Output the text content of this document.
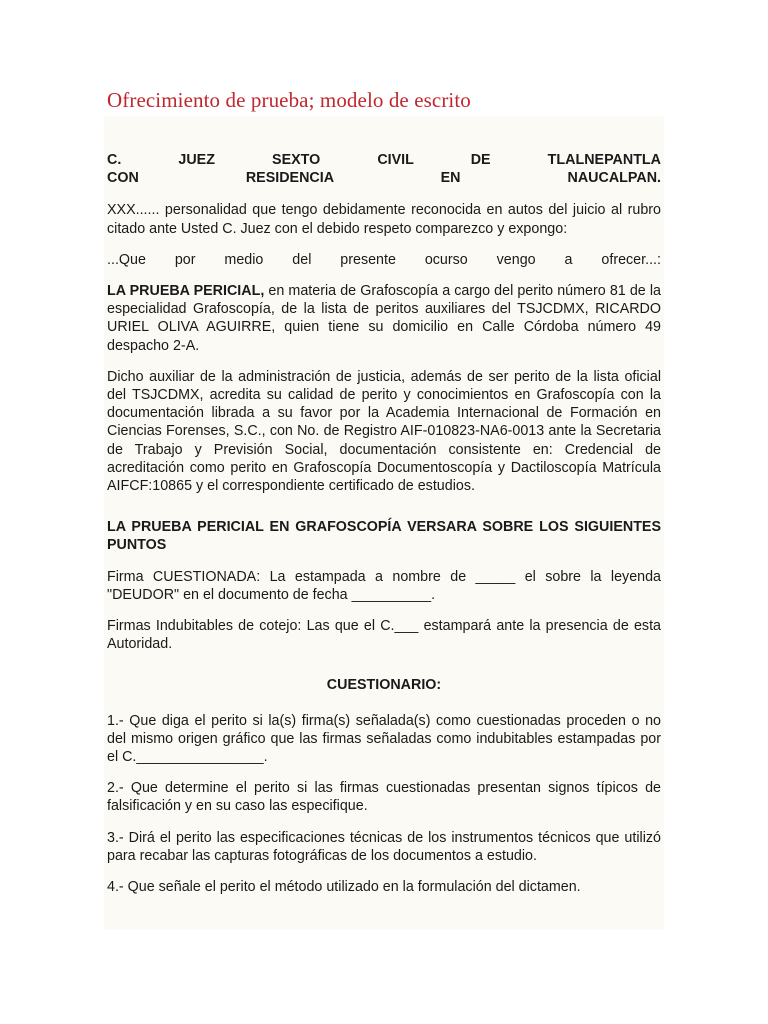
Ofrecimiento de prueba; modelo de escrito

C. JUEZ SEXTO CIVIL DE TLALNEPANTLA
CON RESIDENCIA EN NAUCALPAN.

XXX...... personalidad que tengo debidamente reconocida en autos del juicio al rubro citado ante Usted C. Juez con el debido respeto comparezco y expongo:

...Que por medio del presente ocurso vengo a ofrecer...:

LA PRUEBA PERICIAL, en materia de Grafoscopía a cargo del perito número 81 de la especialidad Grafoscopía, de la lista de peritos auxiliares del TSJCDMX, RICARDO URIEL OLIVA AGUIRRE, quien tiene su domicilio en Calle Córdoba número 49 despacho 2-A.

Dicho auxiliar de la administración de justicia, además de ser perito de la lista oficial del TSJCDMX, acredita su calidad de perito y conocimientos en Grafoscopía con la documentación librada a su favor por la Academia Internacional de Formación en Ciencias Forenses, S.C., con No. de Registro AIF-010823-NA6-0013 ante la Secretaria de Trabajo y Previsión Social, documentación consistente en: Credencial de acreditación como perito en Grafoscopía Documentoscopía y Dactiloscopía Matrícula AIFCF:10865 y el correspondiente certificado de estudios.

LA PRUEBA PERICIAL EN GRAFOSCOPÍA VERSARA SOBRE LOS SIGUIENTES PUNTOS

Firma CUESTIONADA: La estampada a nombre de _____ el sobre la leyenda "DEUDOR" en el documento de fecha __________.

Firmas Indubitables de cotejo: Las que el C.___ estampará ante la presencia de esta Autoridad.

CUESTIONARIO:

1.- Que diga el perito si la(s) firma(s) señalada(s) como cuestionadas proceden o no del mismo origen gráfico que las firmas señaladas como indubitables estampadas por el C.________________.

2.- Que determine el perito si las firmas cuestionadas presentan signos típicos de falsificación y en su caso las especifique.

3.- Dirá el perito las especificaciones técnicas de los instrumentos técnicos que utilizó para recabar las capturas fotográficas de los documentos a estudio.

4.- Que señale el perito el método utilizado en la formulación del dictamen.
